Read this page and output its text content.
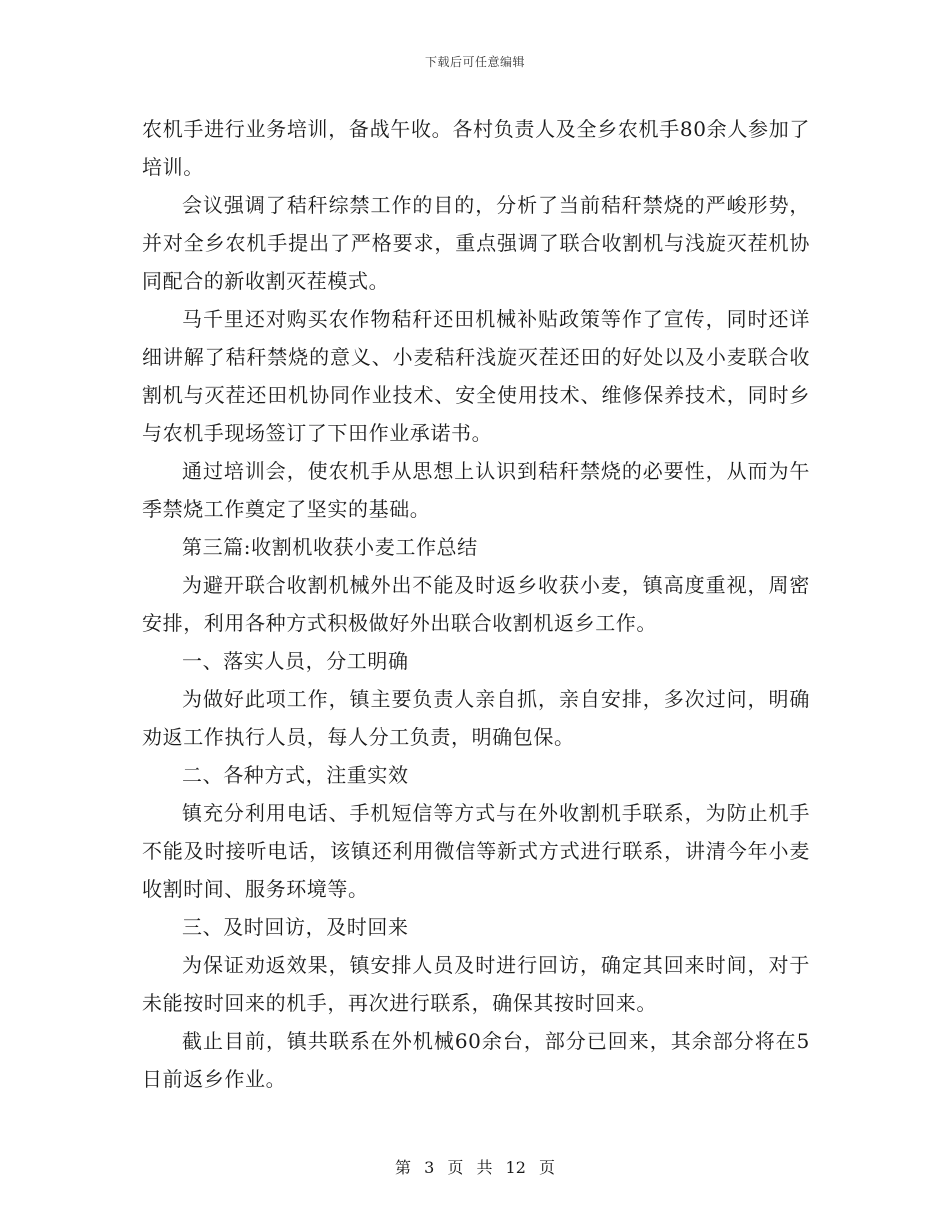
下载后可任意编辑

农机手进行业务培训，备战午收。各村负责人及全乡农机手80余人参加了培训。

会议强调了秸秆综禁工作的目的，分析了当前秸秆禁烧的严峻形势，并对全乡农机手提出了严格要求，重点强调了联合收割机与浅旋灭茬机协同配合的新收割灭茬模式。

马千里还对购买农作物秸秆还田机械补贴政策等作了宣传，同时还详细讲解了秸秆禁烧的意义、小麦秸秆浅旋灭茬还田的好处以及小麦联合收割机与灭茬还田机协同作业技术、安全使用技术、维修保养技术，同时乡与农机手现场签订了下田作业承诺书。

通过培训会，使农机手从思想上认识到秸秆禁烧的必要性，从而为午季禁烧工作奠定了坚实的基础。

第三篇:收割机收获小麦工作总结

为避开联合收割机械外出不能及时返乡收获小麦，镇高度重视，周密安排，利用各种方式积极做好外出联合收割机返乡工作。

一、落实人员，分工明确

为做好此项工作，镇主要负责人亲自抓，亲自安排，多次过问，明确劝返工作执行人员，每人分工负责，明确包保。

二、各种方式，注重实效

镇充分利用电话、手机短信等方式与在外收割机手联系，为防止机手不能及时接听电话，该镇还利用微信等新式方式进行联系，讲清今年小麦收割时间、服务环境等。

三、及时回访，及时回来

为保证劝返效果，镇安排人员及时进行回访，确定其回来时间，对于未能按时回来的机手，再次进行联系，确保其按时回来。

截止目前，镇共联系在外机械60余台，部分已回来，其余部分将在5日前返乡作业。

第 3 页 共 12 页
